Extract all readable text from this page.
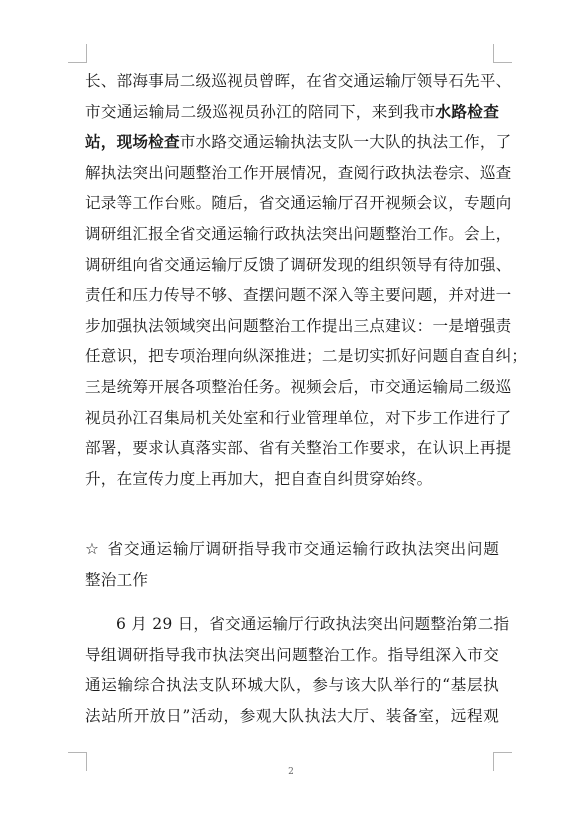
长、部海事局二级巡视员曾晖，在省交通运输厅领导石先平、
市交通运输局二级巡视员孙江的陪同下，来到我市水路检查
站，现场检查市水路交通运输执法支队一大队的执法工作，了
解执法突出问题整治工作开展情况，查阅行政执法卷宗、巡查
记录等工作台账。随后，省交通运输厅召开视频会议，专题向
调研组汇报全省交通运输行政执法突出问题整治工作。会上，
调研组向省交通运输厅反馈了调研发现的组织领导有待加强、
责任和压力传导不够、查摆问题不深入等主要问题，并对进一
步加强执法领域突出问题整治工作提出三点建议：一是增强责
任意识，把专项治理向纵深推进；二是切实抓好问题自查自纠；
三是统筹开展各项整治任务。视频会后，市交通运输局二级巡
视员孙江召集局机关处室和行业管理单位，对下步工作进行了
部署，要求认真落实部、省有关整治工作要求，在认识上再提
升，在宣传力度上再加大，把自查自纠贯穿始终。
☆ 省交通运输厅调研指导我市交通运输行政执法突出问题
整治工作
6 月 29 日，省交通运输厅行政执法突出问题整治第二指
导组调研指导我市执法突出问题整治工作。指导组深入市交
通运输综合执法支队环城大队，参与该大队举行的“基层执
法站所开放日”活动，参观大队执法大厅、装备室，远程观
2
